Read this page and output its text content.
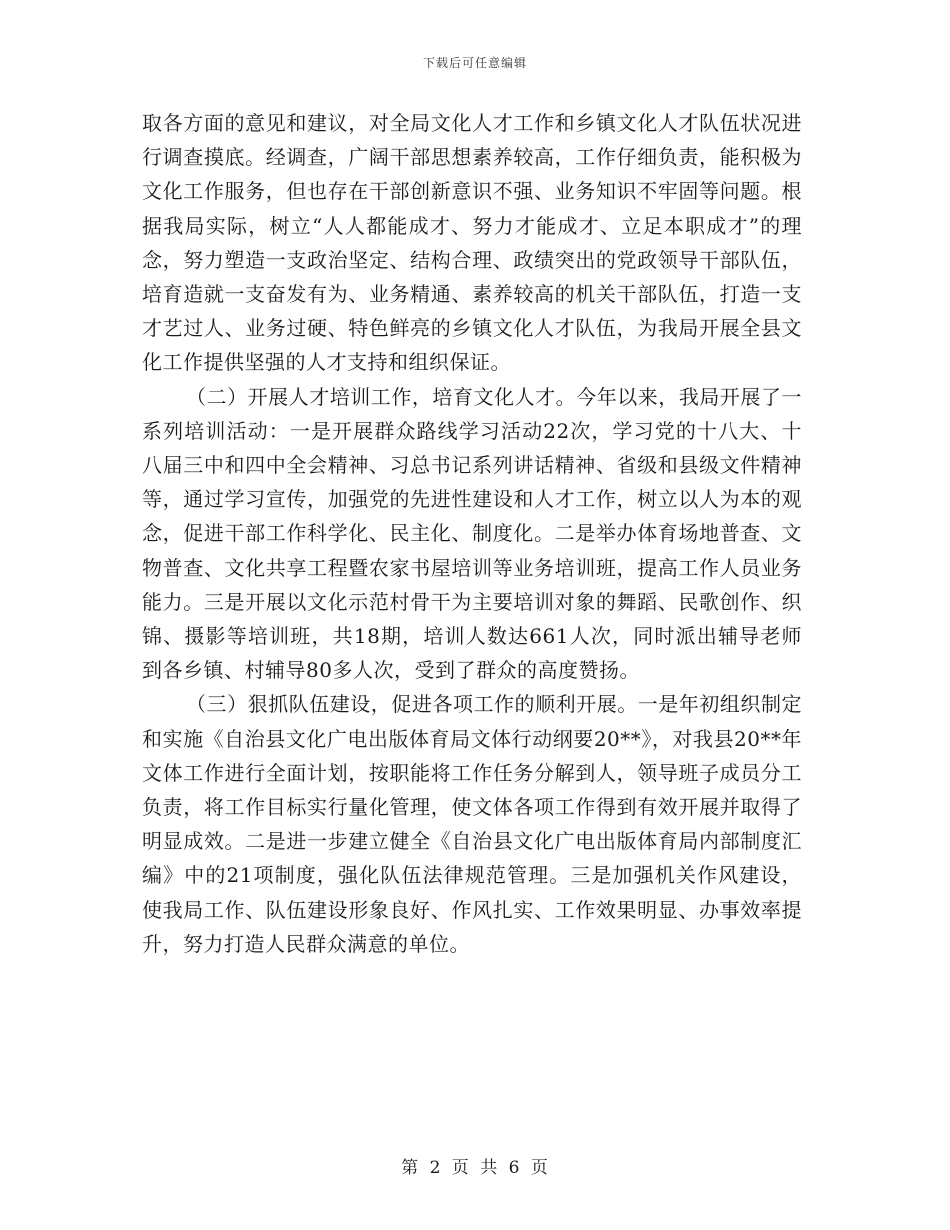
下载后可任意编辑

取各方面的意见和建议，对全局文化人才工作和乡镇文化人才队伍状况进行调查摸底。经调查，广阔干部思想素养较高，工作仔细负责，能积极为文化工作服务，但也存在干部创新意识不强、业务知识不牢固等问题。根据我局实际，树立“人人都能成才、努力才能成才、立足本职成才”的理念，努力塑造一支政治坚定、结构合理、政绩突出的党政领导干部队伍，培育造就一支奋发有为、业务精通、素养较高的机关干部队伍，打造一支才艺过人、业务过硬、特色鲜亮的乡镇文化人才队伍，为我局开展全县文化工作提供坚强的人才支持和组织保证。

（二）开展人才培训工作，培育文化人才。今年以来，我局开展了一系列培训活动：一是开展群众路线学习活动22次，学习党的十八大、十八届三中和四中全会精神、习总书记系列讲话精神、省级和县级文件精神等，通过学习宣传，加强党的先进性建设和人才工作，树立以人为本的观念，促进干部工作科学化、民主化、制度化。二是举办体育场地普查、文物普查、文化共享工程暨农家书屋培训等业务培训班，提高工作人员业务能力。三是开展以文化示范村骨干为主要培训对象的舞蹈、民歌创作、织锦、摄影等培训班，共18期，培训人数达661人次，同时派出辅导老师到各乡镇、村辅导80多人次，受到了群众的高度赞扬。

（三）狠抓队伍建设，促进各项工作的顺利开展。一是年初组织制定和实施《自治县文化广电出版体育局文体行动纲要20**》，对我县20**年文体工作进行全面计划，按职能将工作任务分解到人，领导班子成员分工负责，将工作目标实行量化管理，使文体各项工作得到有效开展并取得了明显成效。二是进一步建立健全《自治县文化广电出版体育局内部制度汇编》中的21项制度，强化队伍法律规范管理。三是加强机关作风建设，使我局工作、队伍建设形象良好、作风扎实、工作效果明显、办事效率提升，努力打造人民群众满意的单位。

第 2 页 共 6 页
